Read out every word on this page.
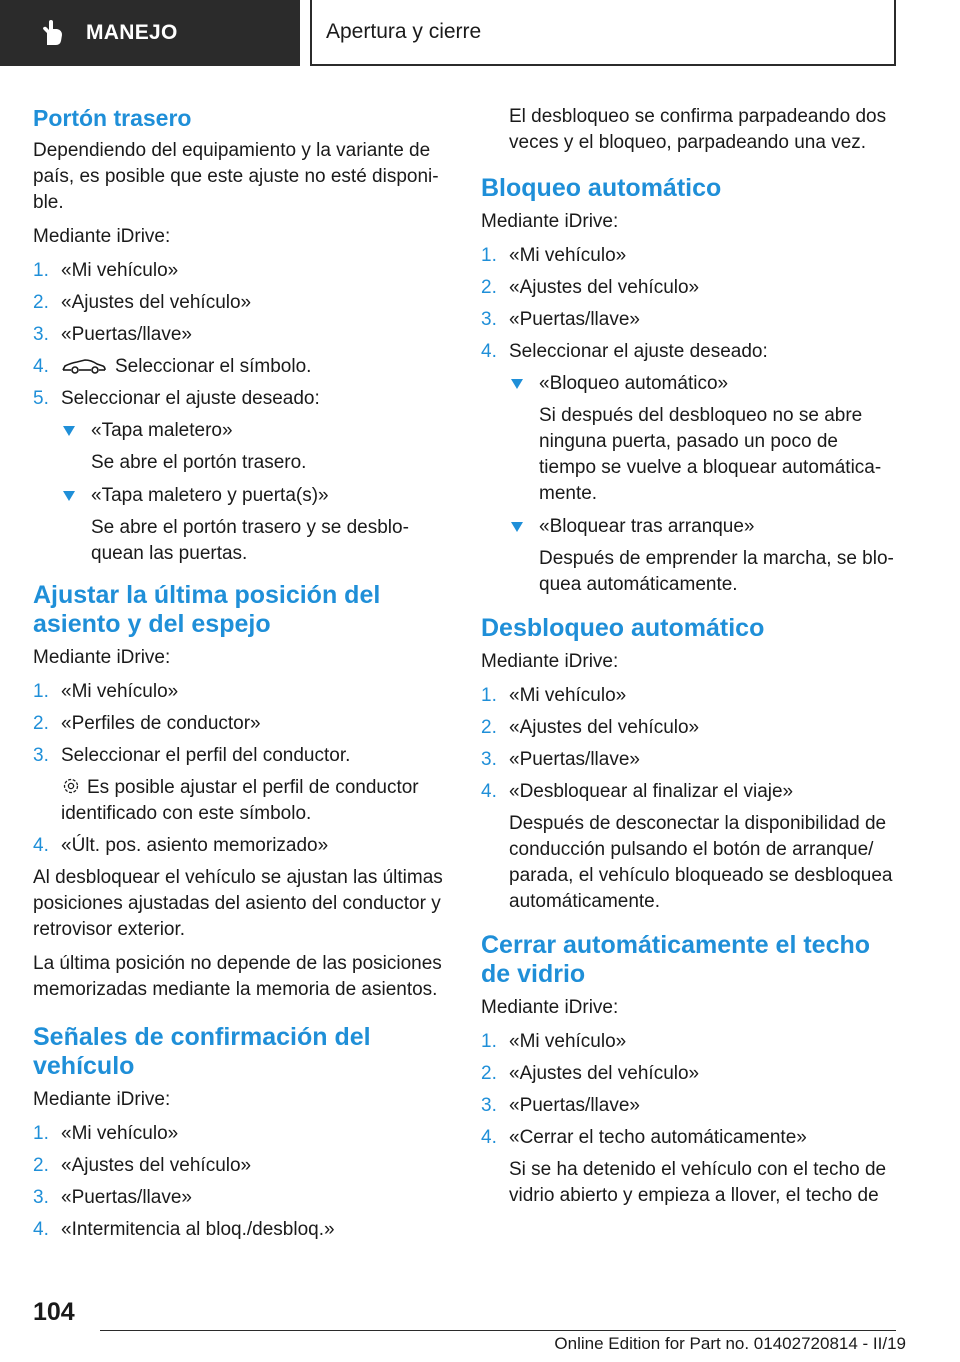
MANEJO	Apertura y cierre
Portón trasero

Dependiendo del equipamiento y la variante de país, es posible que este ajuste no esté disponi-ble.

Mediante iDrive:

1. «Mi vehículo»
2. «Ajustes del vehículo»
3. «Puertas/llave»
4.	Seleccionar el símbolo.
5. Seleccionar el ajuste deseado:
«Tapa maletero»
Se abre el portón trasero.
«Tapa maletero y puerta(s)»
Se abre el portón trasero y se desblo-quean las puertas.
Ajustar la última posición del asiento y del espejo

Mediante iDrive:

1. «Mi vehículo»
2. «Perfiles de conductor»
3. Seleccionar el perfil del conductor.
Es posible ajustar el perfil de conductor identificado con este símbolo.
4. «Últ. pos. asiento memorizado»

Al desbloquear el vehículo se ajustan las últimas posiciones ajustadas del asiento del conductor y retrovisor exterior.

La última posición no depende de las posiciones memorizadas mediante la memoria de asientos.

Señales de confirmación del vehículo

Mediante iDrive:

1. «Mi vehículo»
2. «Ajustes del vehículo»
3. «Puertas/llave»
4. «Intermitencia al bloq./desbloq.»

El desbloqueo se confirma parpadeando dos veces y el bloqueo, parpadeando una vez.

Bloqueo automático

Mediante iDrive:

1. «Mi vehículo»
2. «Ajustes del vehículo»
3. «Puertas/llave»
4. Seleccionar el ajuste deseado:
«Bloqueo automático»
Si después del desbloqueo no se abre ninguna puerta, pasado un poco de tiempo se vuelve a bloquear automática-mente.
«Bloquear tras arranque»
Después de emprender la marcha, se blo-quea automáticamente.
Desbloqueo automático

Mediante iDrive:

1. «Mi vehículo»
2. «Ajustes del vehículo»
3. «Puertas/llave»
4. «Desbloquear al finalizar el viaje»
Después de desconectar la disponibilidad de conducción pulsando el botón de arranque/ parada, el vehículo bloqueado se desbloquea automáticamente.
Cerrar automáticamente el techo de vidrio

Mediante iDrive:

1. «Mi vehículo»
2. «Ajustes del vehículo»
3. «Puertas/llave»
4. «Cerrar el techo automáticamente»
Si se ha detenido el vehículo con el techo de vidrio abierto y empieza a llover, el techo de
104
Online Edition for Part no. 01402720814 - II/19
